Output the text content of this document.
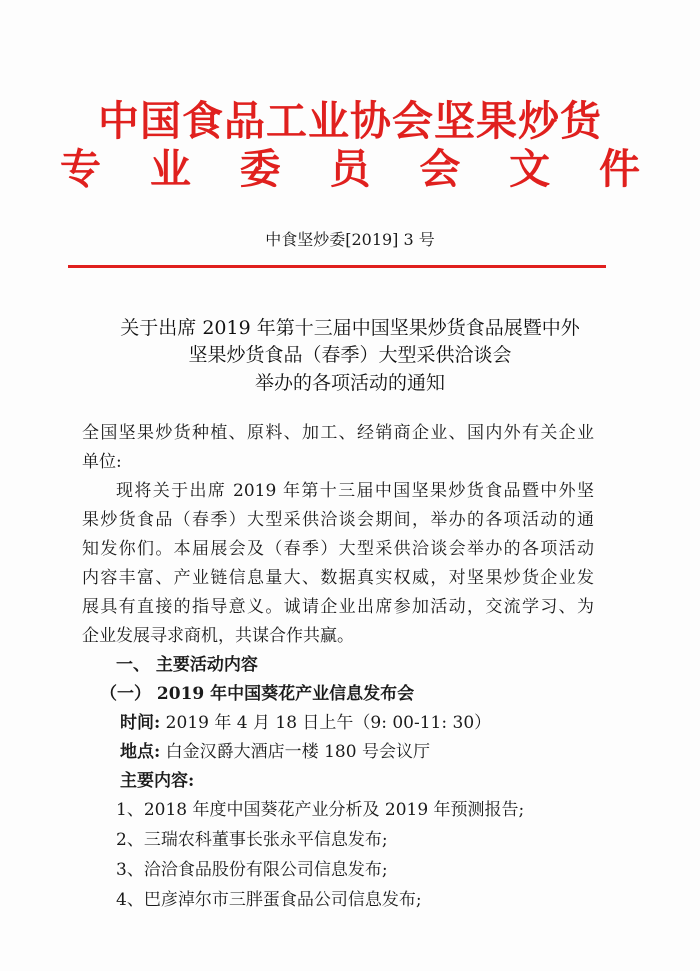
中国食品工业协会坚果炒货
专业委员会文件
中食坚炒委[2019] 3 号
关于出席 2019 年第十三届中国坚果炒货食品展暨中外
坚果炒货食品（春季）大型采供洽谈会
举办的各项活动的通知
全国坚果炒货种植、原料、加工、经销商企业、国内外有关企业
单位:
现将关于出席 2019 年第十三届中国坚果炒货食品暨中外坚
果炒货食品（春季）大型采供洽谈会期间，举办的各项活动的通
知发你们。本届展会及（春季）大型采供洽谈会举办的各项活动
内容丰富、产业链信息量大、数据真实权威，对坚果炒货企业发
展具有直接的指导意义。诚请企业出席参加活动，交流学习、为
企业发展寻求商机，共谋合作共赢。
一、 主要活动内容
（一） 2019 年中国葵花产业信息发布会
时间: 2019 年 4 月 18 日上午（9: 00-11: 30）
地点: 白金汉爵大酒店一楼 180 号会议厅
主要内容:
1、2018 年度中国葵花产业分析及 2019 年预测报告;
2、三瑞农科董事长张永平信息发布;
3、洽洽食品股份有限公司信息发布;
4、巴彦淖尔市三胖蛋食品公司信息发布;
